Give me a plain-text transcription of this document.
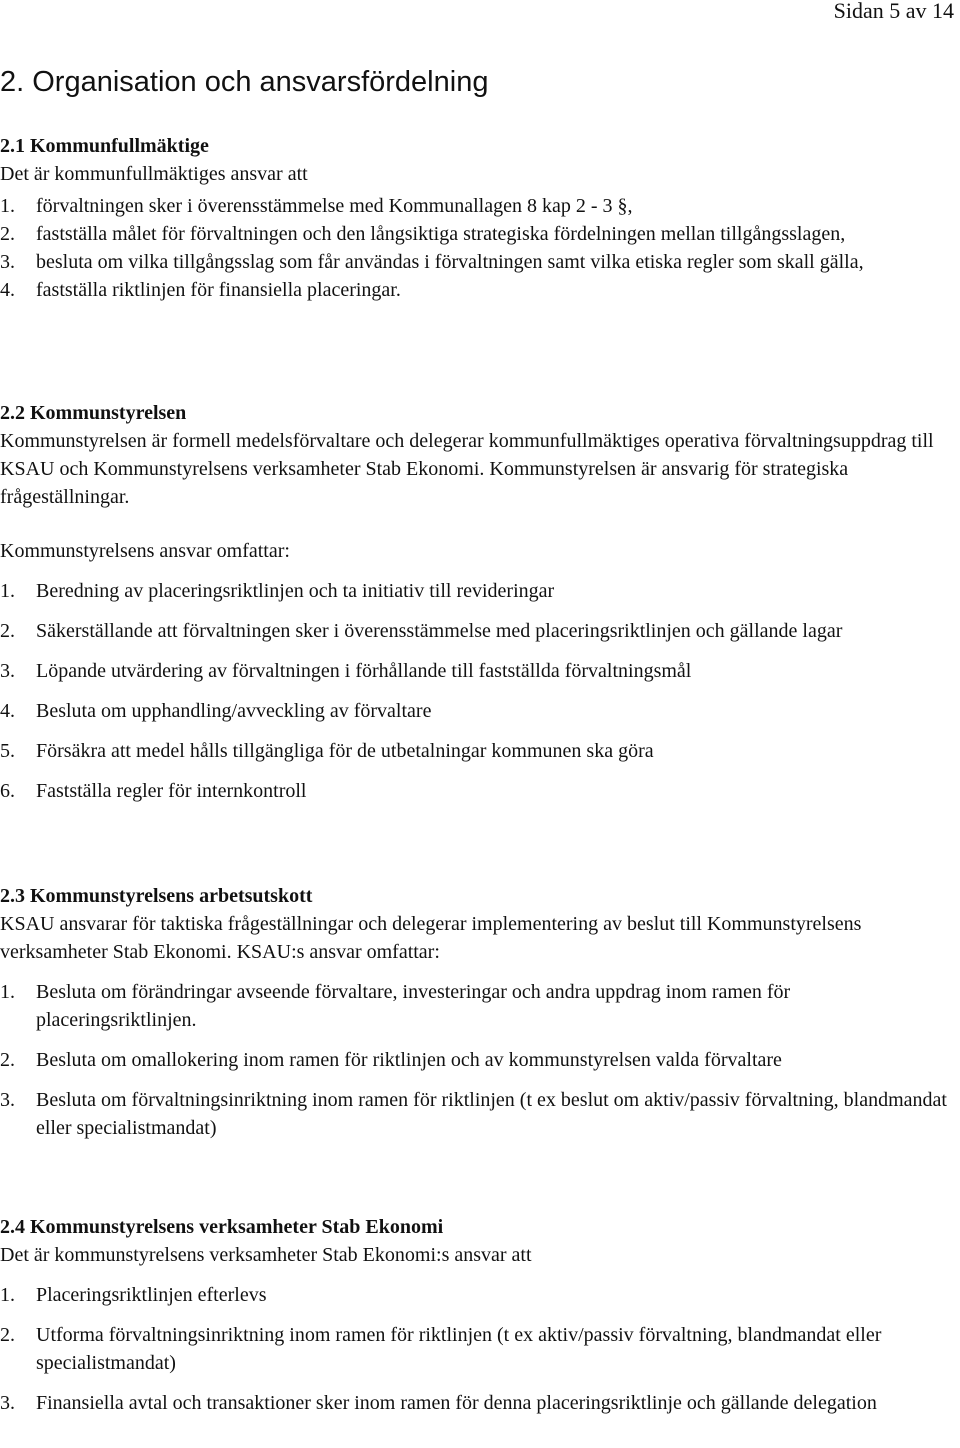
Sidan 5 av 14
2. Organisation och ansvarsfördelning
2.1 Kommunfullmäktige

Det är kommunfullmäktiges ansvar att

1. förvaltningen sker i överensstämmelse med Kommunallagen 8 kap 2 - 3 §,
2. fastställa målet för förvaltningen och den långsiktiga strategiska fördelningen mellan tillgångsslagen,
3. besluta om vilka tillgångsslag som får användas i förvaltningen samt vilka etiska regler som skall gälla,
4. fastställa riktlinjen för finansiella placeringar.
2.2 Kommunstyrelsen

Kommunstyrelsen är formell medelsförvaltare och delegerar kommunfullmäktiges operativa förvaltningsuppdrag till KSAU och Kommunstyrelsens verksamheter Stab Ekonomi. Kommunstyrelsen är ansvarig för strategiska frågeställningar.

Kommunstyrelsens ansvar omfattar:

1. Beredning av placeringsriktlinjen och ta initiativ till revideringar
2. Säkerställande att förvaltningen sker i överensstämmelse med placeringsriktlinjen och gällande lagar
3. Löpande utvärdering av förvaltningen i förhållande till fastställda förvaltningsmål
4. Besluta om upphandling/avveckling av förvaltare
5. Försäkra att medel hålls tillgängliga för de utbetalningar kommunen ska göra
6. Fastställa regler för internkontroll
2.3 Kommunstyrelsens arbetsutskott

KSAU ansvarar för taktiska frågeställningar och delegerar implementering av beslut till Kommunstyrelsens verksamheter Stab Ekonomi. KSAU:s ansvar omfattar:

1. Besluta om förändringar avseende förvaltare, investeringar och andra uppdrag inom ramen för placeringsriktlinjen.
2. Besluta om omallokering inom ramen för riktlinjen och av kommunstyrelsen valda förvaltare
3. Besluta om förvaltningsinriktning inom ramen för riktlinjen (t ex beslut om aktiv/passiv förvaltning, blandmandat eller specialistmandat)
2.4 Kommunstyrelsens verksamheter Stab Ekonomi

Det är kommunstyrelsens verksamheter Stab Ekonomi:s ansvar att

1. Placeringsriktlinjen efterlevs
2. Utforma förvaltningsinriktning inom ramen för riktlinjen (t ex aktiv/passiv förvaltning, blandmandat eller specialistmandat)
3. Finansiella avtal och transaktioner sker inom ramen för denna placeringsriktlinje och gällande delegation
